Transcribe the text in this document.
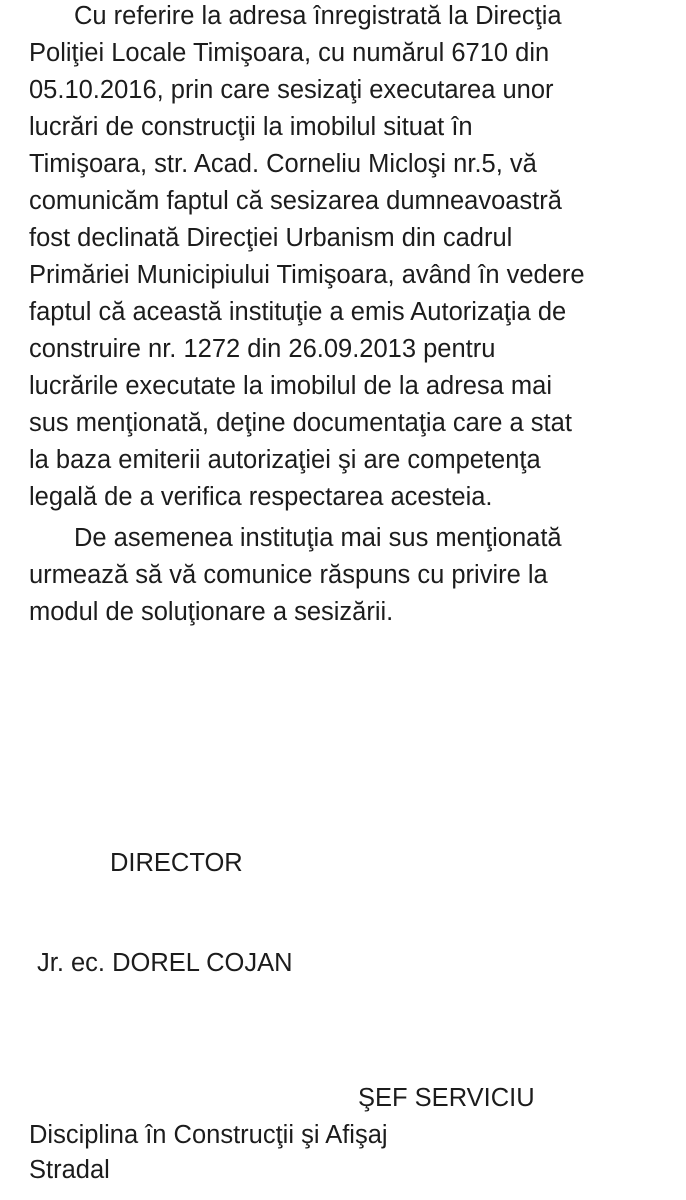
Cu referire la adresa înregistrată la Direcţia
Poliţiei Locale Timişoara, cu numărul 6710 din
05.10.2016, prin care sesizaţi executarea unor
lucrări de construcţii la imobilul situat în
Timişoara, str. Acad. Corneliu Micloşi nr.5, vă
comunicăm faptul că sesizarea dumneavoastră
fost declinată Direcţiei Urbanism din cadrul
Primăriei Municipiului Timişoara, având în vedere
faptul că această instituţie a emis Autorizaţia de
construire nr. 1272 din 26.09.2013 pentru
lucrările executate la imobilul de la adresa mai
sus menţionată, deţine documentaţia care a stat
la baza emiterii autorizaţiei şi are competenţa
legală de a verifica respectarea acesteia.
De asemenea instituţia mai sus menţionată
urmează să vă comunice răspuns cu privire la
modul de soluţionare a sesizării.

DIRECTOR

Jr. ec. DOREL COJAN

ŞEF SERVICIU

Disciplina în Construcţii şi Afişaj

Stradal
